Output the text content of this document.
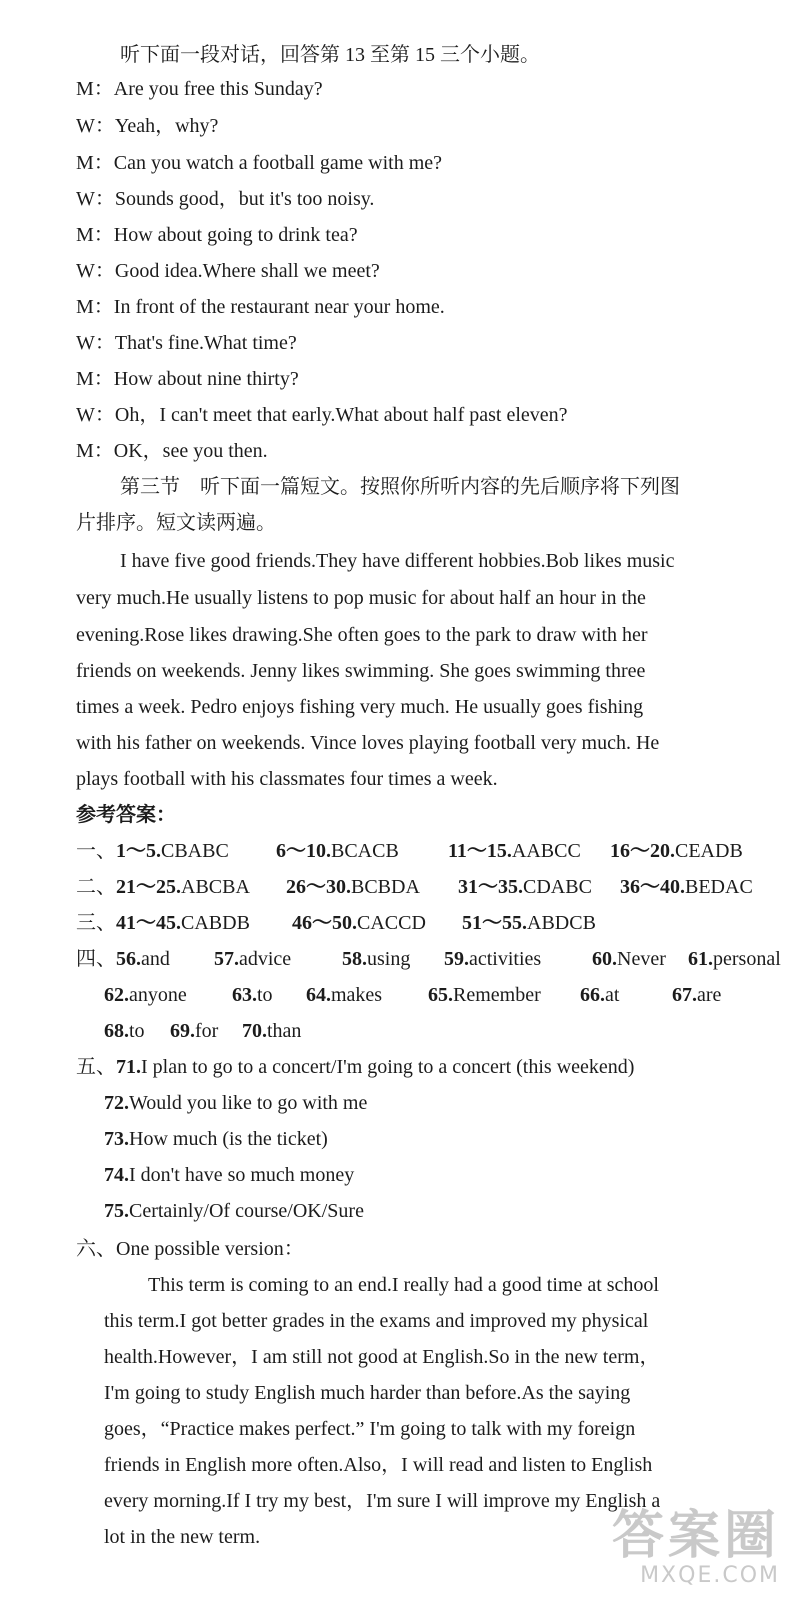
听下面一段对话，回答第 13 至第 15 三个小题。
M：Are you free this Sunday?
W：Yeah，why?
M：Can you watch a football game with me?
W：Sounds good，but it's too noisy.
M：How about going to drink tea?
W：Good idea.Where shall we meet?
M：In front of the restaurant near your home.
W：That's fine.What time?
M：How about nine thirty?
W：Oh，I can't meet that early.What about half past eleven?
M：OK，see you then.
第三节　听下面一篇短文。按照你所听内容的先后顺序将下列图
片排序。短文读两遍。
I have five good friends.They have different hobbies.Bob likes music
very much.He usually listens to pop music for about half an hour in the
evening.Rose likes drawing.She often goes to the park to draw with her
friends on weekends. Jenny likes swimming. She goes swimming three
times a week. Pedro enjoys fishing very much. He usually goes fishing
with his father on weekends. Vince loves playing football very much. He
plays football with his classmates four times a week.
参考答案：
一、1～5.CBABC 6～10.BCACB 11～15.AABCC 16～20.CEADB
二、21～25.ABCBA 26～30.BCBDA 31～35.CDABC 36～40.BEDAC
三、41～45.CABDB 46～50.CACCD 51～55.ABDCB
四、56.and 57.advice	58.using 59.activities	60.Never 61.personal
62.anyone 63.to 64.makes 65.Remember 66.at	67.are
68.to 69.for 70.than
五、71.I plan to go to a concert/I'm going to a concert (this weekend)
72.Would you like to go with me
73.How much (is the ticket)
74.I don't have so much money
75.Certainly/Of course/OK/Sure
六、One possible version：
This term is coming to an end.I really had a good time at school
this term.I got better grades in the exams and improved my physical
health.However，I am still not good at English.So in the new term，
I'm going to study English much harder than before.As the saying
goes，“Practice makes perfect.” I'm going to talk with my foreign
friends in English more often.Also，I will read and listen to English
every morning.If I try my best，I'm sure I will improve my English a
lot in the new term.	答案圈
MXQE.COM
